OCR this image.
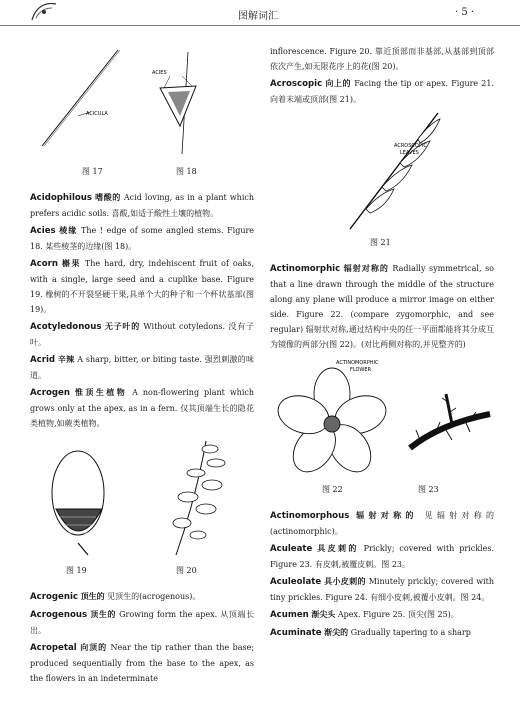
图解词汇	· 5 ·
ACICULA
ACIES
图 17	图 18
Acidophilous 嗜酸的 Acid loving, as in a plant which prefers acidic soils. 喜酸,如适于酸性土壤的植物。
Acies 棱缘 The ! edge of some angled stems. Figure 18. 某些棱茎的边缘(图 18)。
Acorn 槲果 The hard, dry, indehiscent fruit of oaks, with a single, large seed and a cuplike base. Figure 19. 橡树的不开裂坚硬干果,具单个大的种子和一个杯状基部(图 19)。
Acotyledonous 无子叶的 Without cotyledons. 没有子叶。
Acrid 辛辣 A sharp, bitter, or biting taste. 强烈刺激的味道。
Acrogen 惟顶生植物 A non-flowering plant which grows only at the apex, as in a fern. 仅其顶端生长的隐花类植物,如蕨类植物。
图 19	图 20
Acrogenic 顶生的 见顶生的(acrogenous)。
Acrogenous 顶生的 Growing form the apex. 从顶端长出。
Acropetal 向顶的 Near the tip rather than the base; produced sequentially from the base to the apex, as the flowers in an indeterminate
inflorescence. Figure 20. 靠近顶部而非基部,从基部到顶部依次产生,如无限花序上的花(图 20)。
Acroscopic 向上的 Facing the tip or apex. Figure 21. 向着末端或顶部(图 21)。
ACROSCOPIC
LEAVES
图 21
Actinomorphic 辐射对称的 Radially symmetrical, so that a line drawn through the middle of the structure along any plane will produce a mirror image on either side. Figure 22. (compare zygomorphic, and see regular) 辐射状对称,通过结构中央的任一平面都能将其分成互为镜像的两部分(图 22)。(对比两侧对称的,并见整齐的)
ACTINOMORPHIC
FLOWER
图 22	图 23
Actinomorphous 辐射对称的 见辐射对称的(actinomorphic)。
Aculeate 具皮刺的 Prickly; covered with prickles. Figure 23. 有皮刺,被覆皮刺。图 23。
Aculeolate 具小皮刺的 Minutely prickly; covered with tiny prickles. Figure 24. 有细小皮刺,被覆小皮刺。图 24。
Acumen 渐尖头 Apex. Figure 25. 顶尖(图 25)。
Acuminate 渐尖的 Gradually tapering to a sharp
